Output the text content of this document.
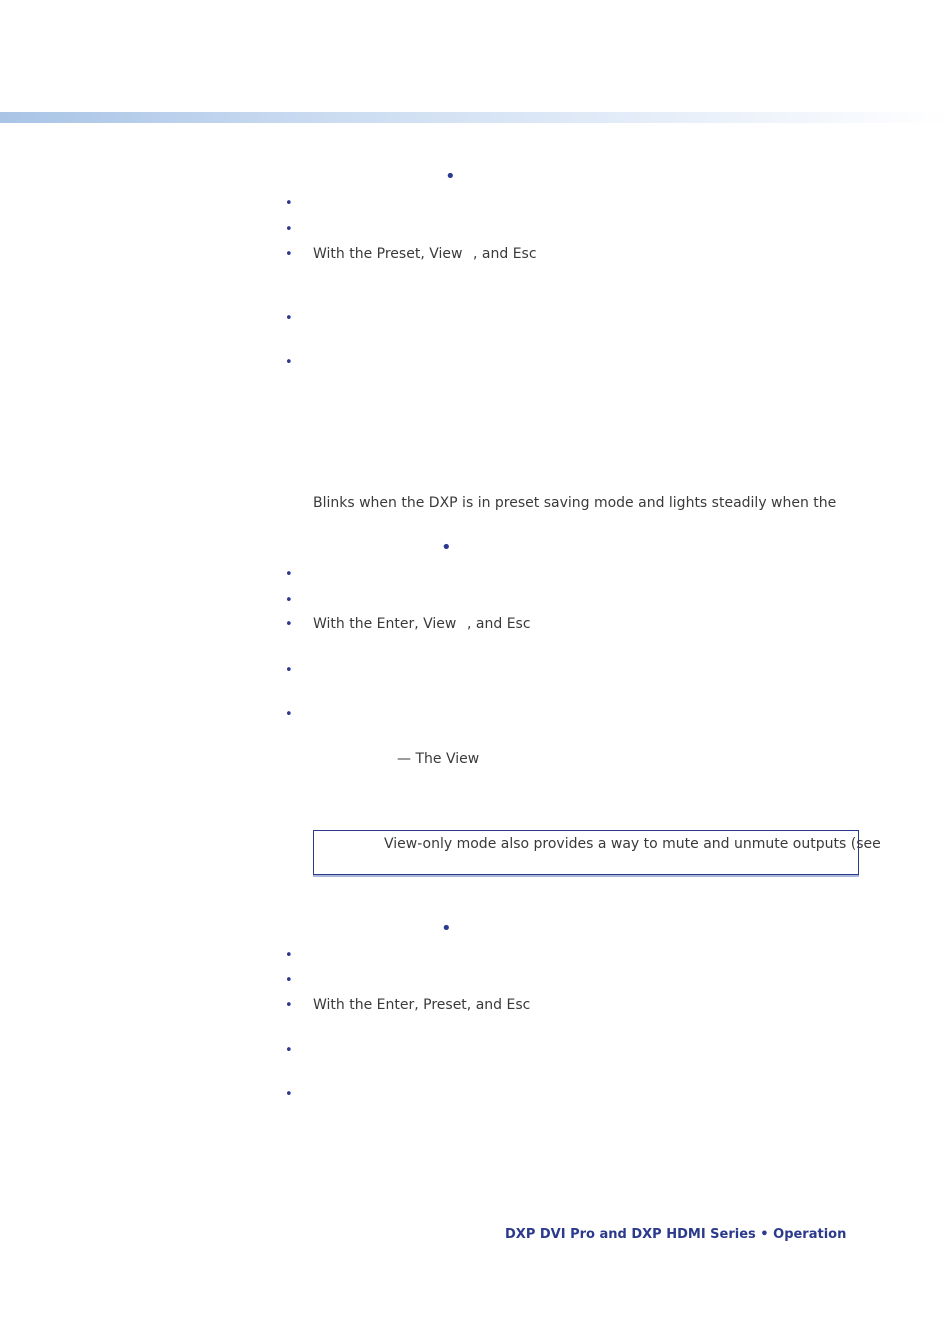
•
•
•
• With the Preset, View , and Esc
•
•
Blinks when the DXP is in preset saving mode and lights steadily when the
•
•
•
• With the Enter, View , and Esc
•
•
— The View
View-only mode also provides a way to mute and unmute outputs (see
•
•
•
• With the Enter, Preset, and Esc
•
•
DXP DVI Pro and DXP HDMI Series • Operation
